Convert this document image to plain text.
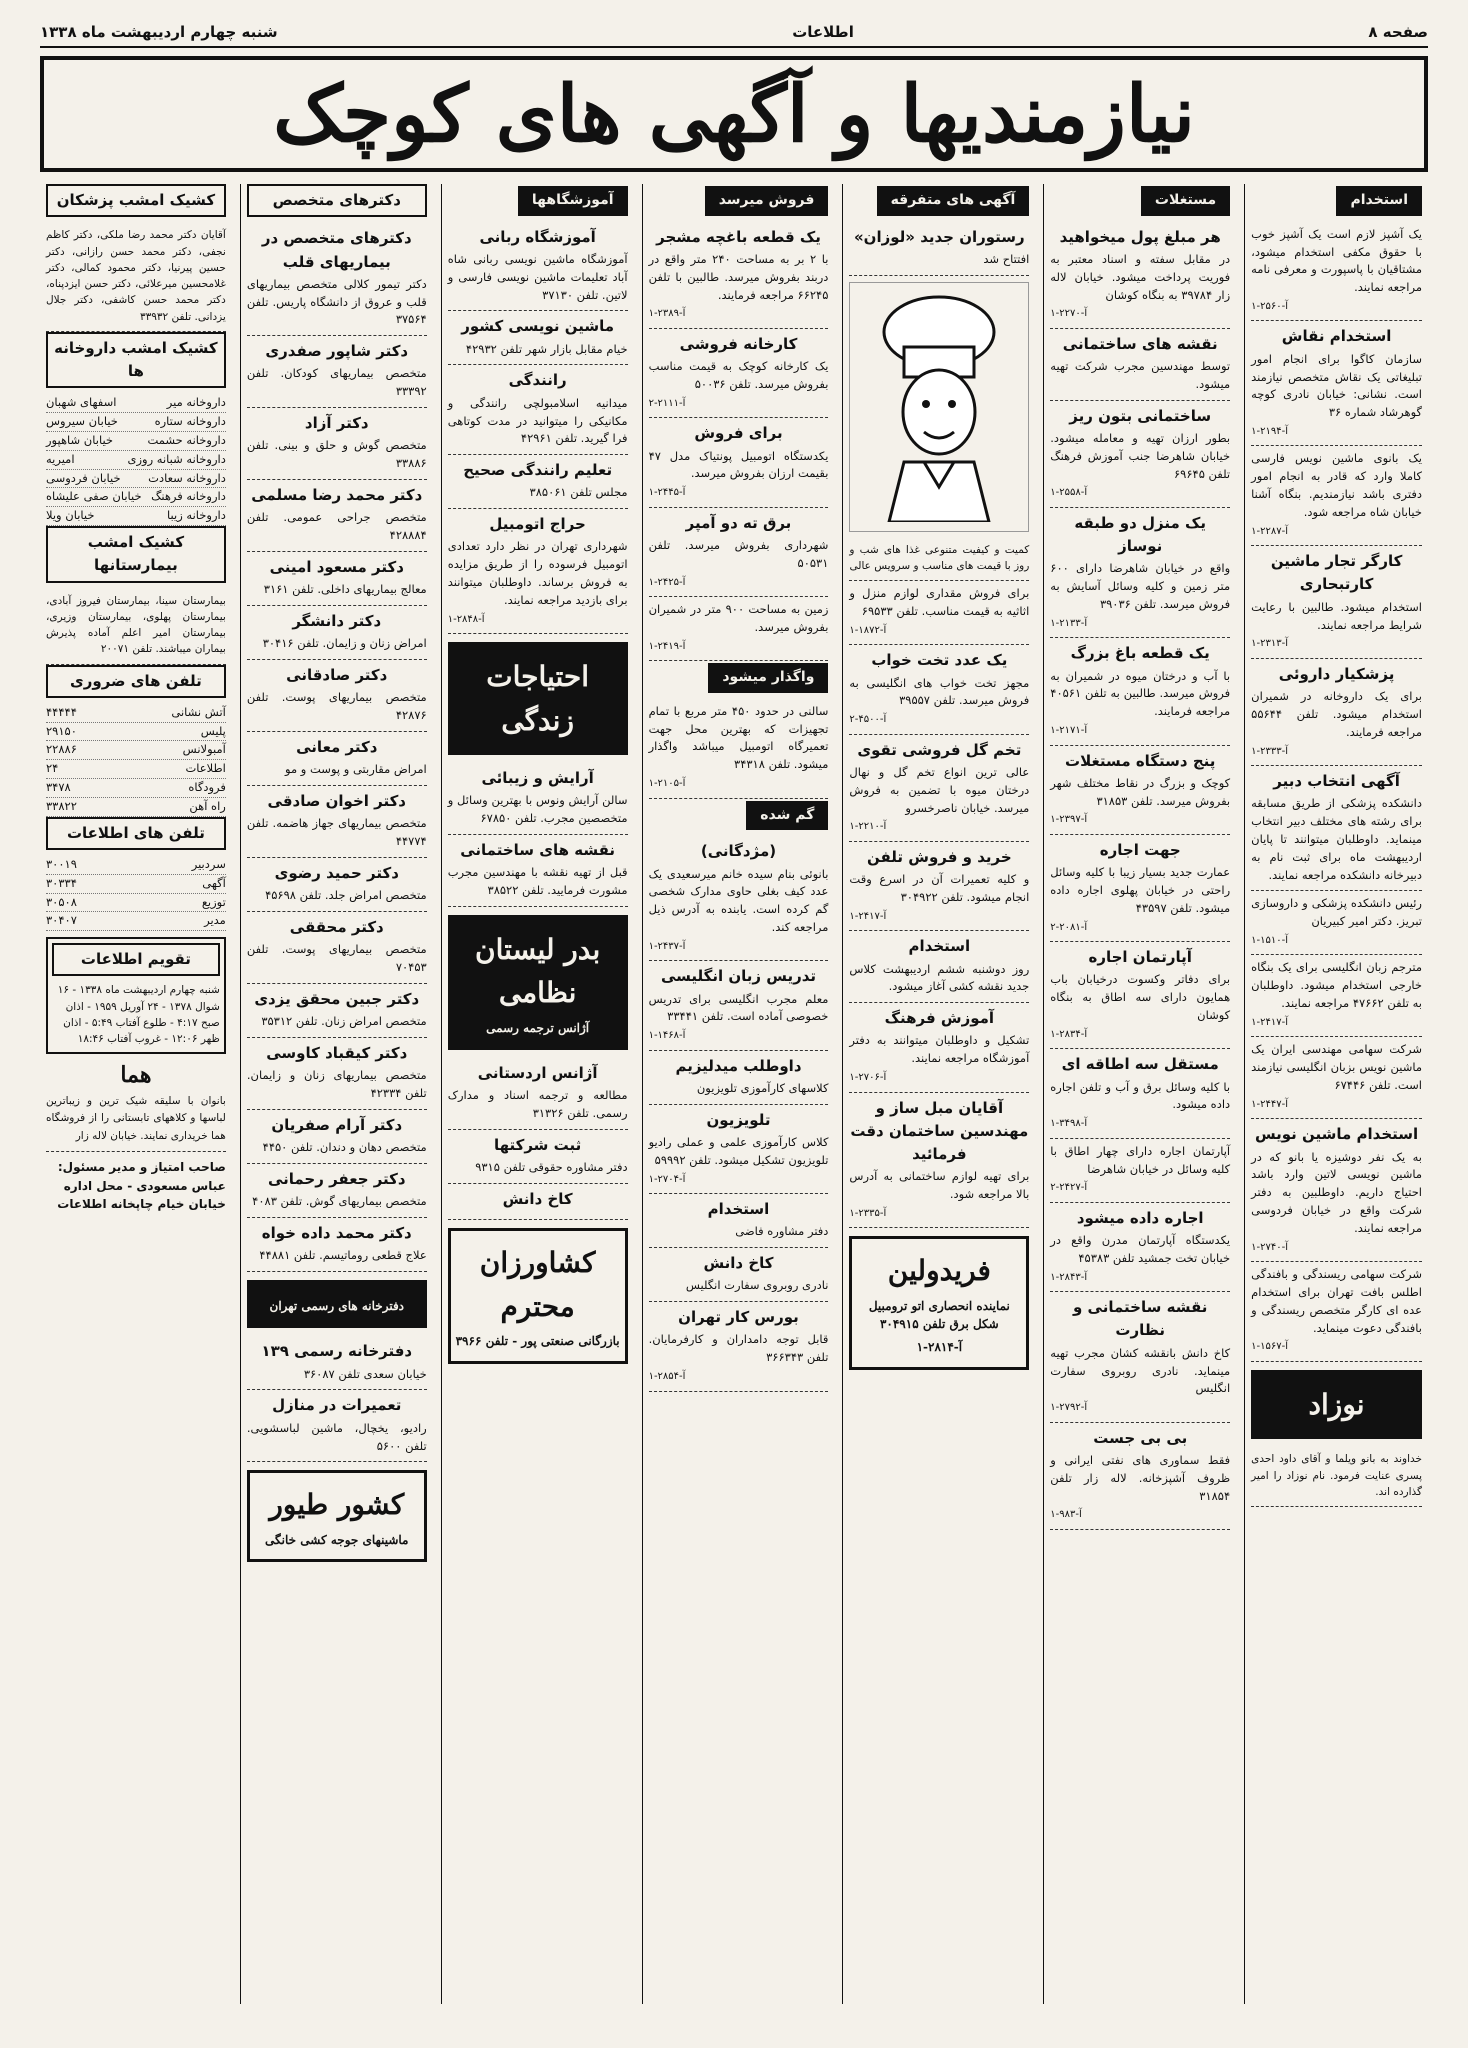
صفحه ۸
اطلاعات
شنبه چهارم اردیبهشت ماه ۱۳۳۸
نیازمندیها و آگهی های کوچک
استخدام
یک آشپز لازم است یک آشپز خوب با حقوق مکفی استخدام میشود، مشتاقیان با پاسپورت و معرفی نامه مراجعه نمایند.
آ-۲۵۶۰-۱
استخدام نقاش
سازمان کاگوا برای انجام امور تبلیغاتی یک نقاش متخصص نیازمند است. نشانی: خیابان نادری کوچه گوهرشاد شماره ۳۶
آ-۲۱۹۴-۱
یک بانوی ماشین نویس فارسی کاملا وارد که قادر به انجام امور دفتری باشد نیازمندیم. بنگاه آشنا خیابان شاه مراجعه شود.
آ-۲۲۸۷-۱
کارگر تجار ماشین کارتبحاری
استخدام میشود. طالبین با رعایت شرایط مراجعه نمایند.
آ-۲۳۱۳-۱
پزشکیار داروئی
برای یک داروخانه در شمیران استخدام میشود. تلفن ۵۵۶۴۴ مراجعه فرمایند.
آ-۲۳۳۳-۱
آگهی انتخاب دبیر
دانشکده پزشکی از طریق مسابقه برای رشته های مختلف دبیر انتخاب مینماید. داوطلبان میتوانند تا پایان اردیبهشت ماه برای ثبت نام به دبیرخانه دانشکده مراجعه نمایند.
رئیس دانشکده پزشکی و داروسازی تبریز. دکتر امیر کبیریان
آ-۱۵۱۰-۱
مترجم زبان انگلیسی برای یک بنگاه خارجی استخدام میشود. داوطلبان به تلفن ۴۷۶۶۲ مراجعه نمایند.
آ-۲۴۱۷-۱
شرکت سهامی مهندسی ایران یک ماشین نویس بزبان انگلیسی نیازمند است. تلفن ۶۷۴۴۶
آ-۲۴۴۷-۱
استخدام ماشین نویس
به یک نفر دوشیزه یا بانو که در ماشین نویسی لاتین وارد باشد احتیاج داریم. داوطلبین به دفتر شرکت واقع در خیابان فردوسی مراجعه نمایند.
آ-۲۷۴۰-۱
شرکت سهامی ریسندگی و بافندگی اطلس بافت تهران برای استخدام عده ای کارگر متخصص ریسندگی و بافندگی دعوت مینماید.
آ-۱۵۶۷-۱
نوزاد
خداوند به بانو ویلما و آقای داود احدی پسری عنایت فرمود. نام نوزاد را امیر گذارده اند.
مستغلات
هر مبلغ پول میخواهید
در مقابل سفته و اسناد معتبر به فوریت پرداخت میشود. خیابان لاله زار ۳۹۷۸۴ به بنگاه کوشان
آ-۲۲۷۰-۱
نقشه های ساختمانی
توسط مهندسین مجرب شرکت تهیه میشود.
ساختمانی بتون ریز
بطور ارزان تهیه و معامله میشود. خیابان شاهرضا جنب آموزش فرهنگ تلفن ۶۹۶۴۵
آ-۲۵۵۸-۱
یک منزل دو طبقه نوساز
واقع در خیابان شاهرضا دارای ۶۰۰ متر زمین و کلیه وسائل آسایش به فروش میرسد. تلفن ۳۹۰۳۶
آ-۲۱۳۳-۱
یک قطعه باغ بزرگ
با آب و درختان میوه در شمیران به فروش میرسد. طالبین به تلفن ۴۰۵۶۱ مراجعه فرمایند.
آ-۲۱۷۱-۱
پنج دستگاه مستغلات
کوچک و بزرگ در نقاط مختلف شهر بفروش میرسد. تلفن ۳۱۸۵۳
آ-۲۳۹۷-۱
جهت اجاره
عمارت جدید بسیار زیبا با کلیه وسائل راحتی در خیابان پهلوی اجاره داده میشود. تلفن ۴۳۵۹۷
آ-۲۰۸۱-۲
آپارتمان اجاره
برای دفاتر وکسوت درخیابان باب همایون دارای سه اطاق به بنگاه کوشان
آ-۲۸۳۴-۱
مستقل سه اطاقه ای
با کلیه وسائل برق و آب و تلفن اجاره داده میشود.
آ-۳۴۹۸-۱
آپارتمان اجاره دارای چهار اطاق با کلیه وسائل در خیابان شاهرضا
آ-۲۴۲۷-۲
اجاره داده میشود
یکدستگاه آپارتمان مدرن واقع در خیابان تخت جمشید تلفن ۴۵۳۸۳
آ-۲۸۴۳-۱
نقشه ساختمانی و نظارت
کاخ دانش بانقشه کشان مجرب تهیه مینماید. نادری روبروی سفارت انگلیس
آ-۲۷۹۲-۱
بی بی جست
فقط سماوری های نفتی ایرانی و ظروف آشپزخانه. لاله زار تلفن ۳۱۸۵۴
آ-۹۸۳-۱
آگهی های متفرقه
رستوران جدید «لوزان»
افتتاح شد
کمیت و کیفیت متنوعی غذا های شب و روز با قیمت های مناسب و سرویس عالی
برای فروش مقداری لوازم منزل و اثاثیه به قیمت مناسب. تلفن ۶۹۵۳۳
آ-۱۸۷۲-۱
یک عدد تخت خواب
مجهز تخت خواب های انگلیسی به فروش میرسد. تلفن ۳۹۵۵۷
آ-۴۵۰۰-۲
تخم گل فروشی تقوی
عالی ترین انواع تخم گل و نهال درختان میوه با تضمین به فروش میرسد. خیابان ناصرخسرو
آ-۲۲۱۰-۱
خرید و فروش تلفن
و کلیه تعمیرات آن در اسرع وقت انجام میشود. تلفن ۳۰۴۹۲۲
آ-۲۴۱۷-۱
استخدام
روز دوشنبه ششم اردیبهشت کلاس جدید نقشه کشی آغاز میشود.
آموزش فرهنگ
تشکیل و داوطلبان میتوانند به دفتر آموزشگاه مراجعه نمایند.
آ-۲۷۰۶-۱
آقایان مبل ساز و مهندسین ساختمان دقت فرمائید
برای تهیه لوازم ساختمانی به آدرس بالا مراجعه شود.
آ-۲۳۳۵-۱
فریدولین
نماینده انحصاری اتو ترومبیل شکل برق تلفن ۳۰۴۹۱۵
آ-۲۸۱۴-۱
فروش میرسد
یک قطعه باغچه مشجر
با ۲ بر به مساحت ۲۴۰ متر واقع در دربند بفروش میرسد. طالبین با تلفن ۶۶۲۴۵ مراجعه فرمایند.
آ-۲۳۸۹-۱
کارخانه فروشی
یک کارخانه کوچک به قیمت مناسب بفروش میرسد. تلفن ۵۰۰۳۶
آ-۲۱۱۱-۲
برای فروش
یکدستگاه اتومبیل پونتیاک مدل ۴۷ بقیمت ارزان بفروش میرسد.
آ-۲۴۴۵-۱
برق ته دو آمپر
شهرداری بفروش میرسد. تلفن ۵۰۵۳۱
آ-۲۴۲۵-۱
زمین به مساحت ۹۰۰ متر در شمیران بفروش میرسد.
آ-۲۴۱۹-۱
واگذار میشود
سالنی در حدود ۴۵۰ متر مربع با تمام تجهیزات که بهترین محل جهت تعمیرگاه اتومبیل میباشد واگذار میشود. تلفن ۳۴۳۱۸
آ-۲۱۰۵-۱
گم شده
(مژدگانی)
بانوئی بنام سیده خانم میرسعیدی یک عدد کیف بغلی حاوی مدارک شخصی گم کرده است. یابنده به آدرس ذیل مراجعه کند.
آ-۲۴۳۷-۱
تدریس زبان انگلیسی
معلم مجرب انگلیسی برای تدریس خصوصی آماده است. تلفن ۳۳۴۴۱
آ-۱۴۶۸-۱
داوطلب میدلیزیم
کلاسهای کارآموزی تلویزیون
تلویزیون
کلاس کارآموزی علمی و عملی رادیو تلویزیون تشکیل میشود. تلفن ۵۹۹۹۲
آ-۲۷۰۴-۱
استخدام
دفتر مشاوره فاضی
کاخ دانش
نادری روبروی سفارت انگلیس
بورس کار تهران
قابل توجه دامداران و کارفرمایان. تلفن ۳۶۶۳۴۳
آ-۲۸۵۴-۱
آموزشگاهها
آموزشگاه ربانی
آموزشگاه ماشین نویسی ربانی شاه آباد تعلیمات ماشین نویسی فارسی و لاتین. تلفن ۳۷۱۳۰
ماشین نویسی کشور
خیام مقابل بازار شهر تلفن ۴۲۹۳۲
رانندگی
میدانیه اسلامبولچی رانندگی و مکانیکی را میتوانید در مدت کوتاهی فرا گیرید. تلفن ۴۲۹۶۱
تعلیم رانندگی صحیح
مجلس تلفن ۳۸۵۰۶۱
حراج اتومبیل
شهرداری تهران در نظر دارد تعدادی اتومبیل فرسوده را از طریق مزایده به فروش برساند. داوطلبان میتوانند برای بازدید مراجعه نمایند.
آ-۲۸۴۸-۱
احتیاجات زندگی
آرایش و زیبائی
سالن آرایش ونوس با بهترین وسائل و متخصصین مجرب. تلفن ۶۷۸۵۰
نقشه های ساختمانی
قبل از تهیه نقشه با مهندسین مجرب مشورت فرمایید. تلفن ۳۸۵۲۲
بدر لیستان نظامی
آژانس ترجمه رسمی
آژانس اردستانی
مطالعه و ترجمه اسناد و مدارک رسمی. تلفن ۳۱۳۲۶
ثبت شرکتها
دفتر مشاوره حقوقی تلفن ۹۳۱۵
کاخ دانش
کشاورزان محترم
بازرگانی صنعتی پور - تلفن ۳۹۶۶
دکترهای متخصص
دکترهای متخصص در بیماریهای قلب
دکتر تیمور کلالی متخصص بیماریهای قلب و عروق از دانشگاه پاریس. تلفن ۳۷۵۶۴
دکتر شاپور صفدری
متخصص بیماریهای کودکان. تلفن ۳۳۳۹۲
دکتر آزاد
متخصص گوش و حلق و بینی. تلفن ۳۳۸۸۶
دکتر محمد رضا مسلمی
متخصص جراحی عمومی. تلفن ۴۲۸۸۸۴
دکتر مسعود امینی
معالج بیماریهای داخلی. تلفن ۳۱۶۱
دکتر دانشگر
امراض زنان و زایمان. تلفن ۳۰۴۱۶
دکتر صادقانی
متخصص بیماریهای پوست. تلفن ۴۲۸۷۶
دکتر معانی
امراض مقاربتی و پوست و مو
دکتر اخوان صادقی
متخصص بیماریهای جهاز هاضمه. تلفن ۴۴۷۷۴
دکتر حمید رضوی
متخصص امراض جلد. تلفن ۴۵۶۹۸
دکتر محققی
متخصص بیماریهای پوست. تلفن ۷۰۴۵۳
دکتر جبین محقق یزدی
متخصص امراض زنان. تلفن ۳۵۳۱۲
دکتر کیقباد کاوسی
متخصص بیماریهای زنان و زایمان. تلفن ۴۲۳۳۴
دکتر آرام صفریان
متخصص دهان و دندان. تلفن ۴۴۵۰
دکتر جعفر رحمانی
متخصص بیماریهای گوش. تلفن ۴۰۸۳
دکتر محمد داده خواه
علاج قطعی روماتیسم. تلفن ۴۴۸۸۱
دفترخانه های رسمی تهران
دفترخانه رسمی ۱۳۹
خیابان سعدی تلفن ۳۶۰۸۷
تعمیرات در منازل
رادیو، یخچال، ماشین لباسشویی. تلفن ۵۶۰۰
کشور طیور
ماشینهای جوجه کشی خانگی
کشیک امشب پزشکان
آقایان دکتر محمد رضا ملکی، دکتر کاظم نجفی، دکتر محمد حسن رازانی، دکتر حسین پیرنیا، دکتر محمود کمالی، دکتر غلامحسین میرعلائی، دکتر حسن ایزدپناه، دکتر محمد حسن کاشفی، دکتر جلال یزدانی. تلفن ۳۳۹۳۲
کشیک امشب داروخانه ها
داروخانه میر
اسفهای شهبان
داروخانه ستاره
خیابان سیروس
داروخانه حشمت
خیابان شاهپور
داروخانه شبانه روزی
امیریه
داروخانه سعادت
خیابان فردوسی
داروخانه فرهنگ
خیابان صفی علیشاه
داروخانه زیبا
خیابان ویلا
کشیک امشب بیمارستانها
بیمارستان سینا، بیمارستان فیروز آبادی، بیمارستان پهلوی، بیمارستان وزیری، بیمارستان امیر اعلم آماده پذیرش بیماران میباشند. تلفن ۲۰۰۷۱
تلفن های ضروری
آتش نشانی
۴۴۴۴۴
پلیس
۲۹۱۵۰
آمبولانس
۲۲۸۸۶
اطلاعات
۲۴
فرودگاه
۳۴۷۸
راه آهن
۳۳۸۲۲
تلفن های اطلاعات
سردبیر
۳۰۰۱۹
آگهی
۳۰۳۳۴
توزیع
۳۰۵۰۸
مدیر
۳۰۴۰۷
تقویم اطلاعات
شنبه چهارم اردیبهشت ماه ۱۳۳۸ - ۱۶ شوال ۱۳۷۸ - ۲۴ آوریل ۱۹۵۹ - اذان صبح ۴:۱۷ - طلوع آفتاب ۵:۴۹ - اذان ظهر ۱۲:۰۶ - غروب آفتاب ۱۸:۴۶
هما
بانوان با سلیقه شیک ترین و زیباترین لباسها و کلاههای تابستانی را از فروشگاه هما خریداری نمایند. خیابان لاله زار
صاحب امتیاز و مدیر مسئول: عباس مسعودی - محل اداره خیابان خیام چاپخانه اطلاعات
